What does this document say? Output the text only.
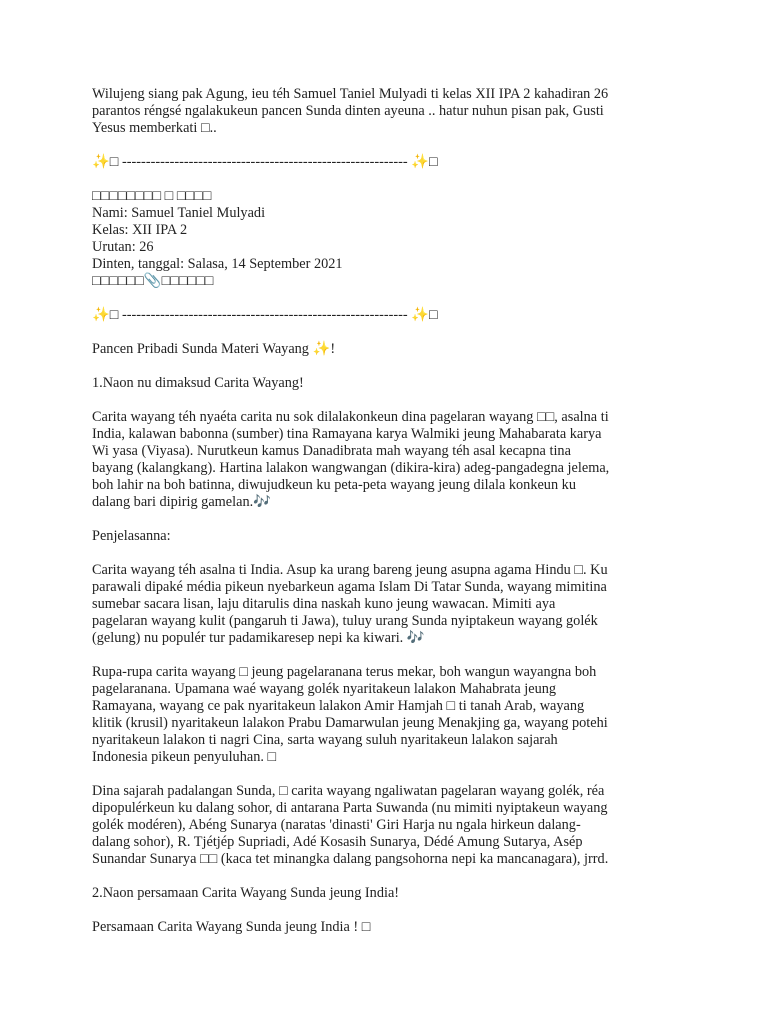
Wilujeng siang pak Agung, ieu téh Samuel Taniel Mulyadi ti kelas XII IPA 2 kahadiran 26
parantos réngsé ngalakukeun pancen Sunda dinten ayeuna .. hatur nuhun pisan pak, Gusti
Yesus memberkati □..
✨□ ------------------------------------------------------------ ✨□
□□□□□□□□ □ □□□□
Nami: Samuel Taniel Mulyadi
Kelas: XII IPA 2
Urutan: 26
Dinten, tanggal: Salasa, 14 September 2021
□□□□□□📎□□□□□□
✨□ ------------------------------------------------------------ ✨□
Pancen Pribadi Sunda Materi Wayang ✨!
1.Naon nu dimaksud Carita Wayang!
Carita wayang téh nyaéta carita nu sok dilalakonkeun dina pagelaran wayang □□, asalna ti
India, kalawan babonna (sumber) tina Ramayana karya Walmiki jeung Mahabarata karya
Wi yasa (Viyasa). Nurutkeun kamus Danadibrata mah wayang téh asal kecapna tina
bayang (kalangkang). Hartina lalakon wangwangan (dikira-kira) adeg-pangadegna jelema,
boh lahir na boh batinna, diwujudkeun ku peta-peta wayang jeung dilala konkeun ku
dalang bari dipirig gamelan.🎶
Penjelasanna:
Carita wayang téh asalna ti India. Asup ka urang bareng jeung asupna agama Hindu □. Ku
parawali dipaké média pikeun nyebarkeun agama Islam Di Tatar Sunda, wayang mimitina
sumebar sacara lisan, laju ditarulis dina naskah kuno jeung wawacan. Mimiti aya
pagelaran wayang kulit (pangaruh ti Jawa), tuluy urang Sunda nyiptakeun wayang golék
(gelung) nu populér tur padamikaresep nepi ka kiwari. 🎶
Rupa-rupa carita wayang □ jeung pagelaranana terus mekar, boh wangun wayangna boh
pagelaranana. Upamana waé wayang golék nyaritakeun lalakon Mahabrata jeung
Ramayana, wayang ce pak nyaritakeun lalakon Amir Hamjah □ ti tanah Arab, wayang
klitik (krusil) nyaritakeun lalakon Prabu Damarwulan jeung Menakjing ga, wayang potehi
nyaritakeun lalakon ti nagri Cina, sarta wayang suluh nyaritakeun lalakon sajarah
Indonesia pikeun penyuluhan. □
Dina sajarah padalangan Sunda, □ carita wayang ngaliwatan pagelaran wayang golék, réa
dipopulérkeun ku dalang sohor, di antarana Parta Suwanda (nu mimiti nyiptakeun wayang
golék modéren), Abéng Sunarya (naratas 'dinasti' Giri Harja nu ngala hirkeun dalang-
dalang sohor), R. Tjétjép Supriadi, Adé Kosasih Sunarya, Dédé Amung Sutarya, Asép
Sunandar Sunarya □□ (kaca tet minangka dalang pangsohorna nepi ka mancanagara), jrrd.
2.Naon persamaan Carita Wayang Sunda jeung India!
Persamaan Carita Wayang Sunda jeung India ! □
